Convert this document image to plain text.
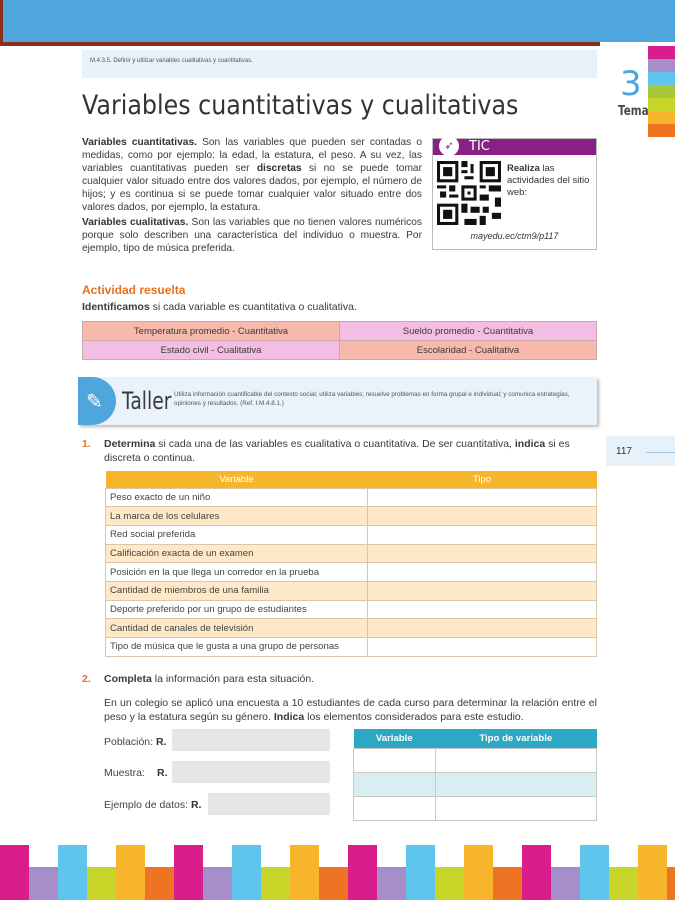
M.4.3.5. Definir y utilizar variables cualitativas y cuantitativas.
3
Tema
Variables cuantitativas y cualitativas

Variables cuantitativas. Son las variables que pueden ser contadas o medidas, como por ejemplo: la edad, la estatura, el peso. A su vez, las variables cuantitativas pueden ser discretas si no se puede tomar cualquier valor situado entre dos valores dados, por ejemplo, el número de hijos; y es continua si se puede tomar cualquier valor situado entre dos valores dados, por ejemplo, la estatura.

Variables cualitativas. Son las variables que no tienen valores numéricos porque solo describen una característica del individuo o muestra. Por ejemplo, tipo de música preferida.

➶	TIC
Realiza las actividades del sitio web:
mayedu.ec/ctm9/p117
Actividad resuelta
Identificamos si cada variable es cuantitativa o cualitativa.
Temperatura promedio - Cuantitativa	Sueldo promedio - Cuantitativa
Estado civil - Cualitativa	Escolaridad - Cualitativa
✎ Taller Utiliza información cuantificable del contexto social; utiliza variables; resuelve problemas en forma grupal e individual; y comunica estrategias, opiniones y resultados. (Ref. I.M.4.8.1.)
117
1. Determina si cada una de las variables es cualitativa o cuantitativa. De ser cuantitativa, indica si es discreta o continua.
Variable	Tipo
Peso exacto de un niño	
La marca de los celulares	
Red social preferida	
Calificación exacta de un examen	
Posición en la que llega un corredor en la prueba	
Cantidad de miembros de una familia	
Deporte preferido por un grupo de estudiantes	
Cantidad de canales de televisión	
Tipo de música que le gusta a una grupo de personas	
2. Completa la información para esta situación.
En un colegio se aplicó una encuesta a 10 estudiantes de cada curso para determinar la relación entre el peso y la estatura según su género. Indica los elementos considerados para este estudio.
Población: R.
Muestra: R.
Ejemplo de datos: R.
Variable	Tipo de variable
